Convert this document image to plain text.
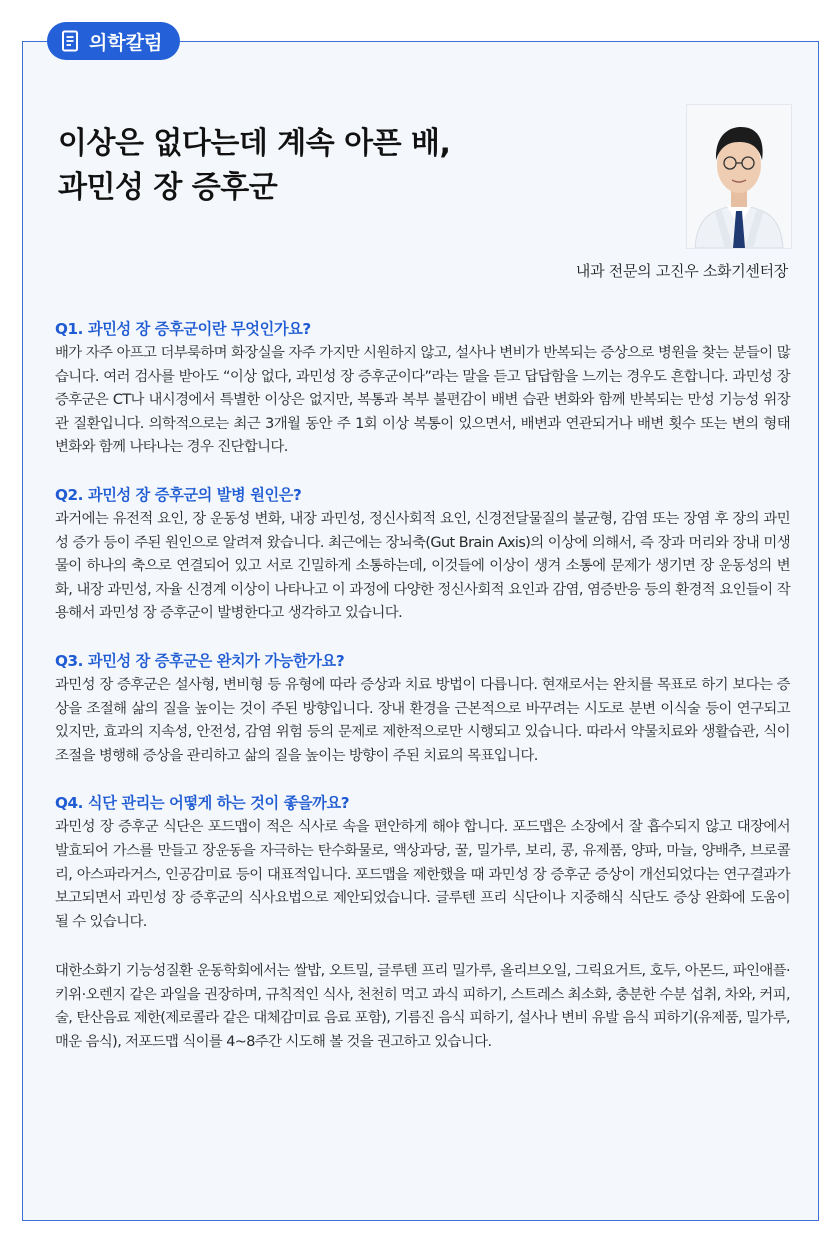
의학칼럼
이상은 없다는데 계속 아픈 배,
과민성 장 증후군
내과 전문의 고진우 소화기센터장
Q1. 과민성 장 증후군이란 무엇인가요?

배가 자주 아프고 더부룩하며 화장실을 자주 가지만 시원하지 않고, 설사나 변비가 반복되는 증상으로 병원을 찾는 분들이 많습니다. 여러 검사를 받아도 “이상 없다, 과민성 장 증후군이다”라는 말을 듣고 답답함을 느끼는 경우도 흔합니다. 과민성 장 증후군은 CT나 내시경에서 특별한 이상은 없지만, 복통과 복부 불편감이 배변 습관 변화와 함께 반복되는 만성 기능성 위장관 질환입니다. 의학적으로는 최근 3개월 동안 주 1회 이상 복통이 있으면서, 배변과 연관되거나 배변 횟수 또는 변의 형태 변화와 함께 나타나는 경우 진단합니다.

Q2. 과민성 장 증후군의 발병 원인은?

과거에는 유전적 요인, 장 운동성 변화, 내장 과민성, 정신사회적 요인, 신경전달물질의 불균형, 감염 또는 장염 후 장의 과민성 증가 등이 주된 원인으로 알려져 왔습니다. 최근에는 장뇌축(Gut Brain Axis)의 이상에 의해서, 즉 장과 머리와 장내 미생물이 하나의 축으로 연결되어 있고 서로 긴밀하게 소통하는데, 이것들에 이상이 생겨 소통에 문제가 생기면 장 운동성의 변화, 내장 과민성, 자율 신경계 이상이 나타나고 이 과정에 다양한 정신사회적 요인과 감염, 염증반응 등의 환경적 요인들이 작용해서 과민성 장 증후군이 발병한다고 생각하고 있습니다.

Q3. 과민성 장 증후군은 완치가 가능한가요?

과민성 장 증후군은 설사형, 변비형 등 유형에 따라 증상과 치료 방법이 다릅니다. 현재로서는 완치를 목표로 하기 보다는 증상을 조절해 삶의 질을 높이는 것이 주된 방향입니다. 장내 환경을 근본적으로 바꾸려는 시도로 분변 이식술 등이 연구되고 있지만, 효과의 지속성, 안전성, 감염 위험 등의 문제로 제한적으로만 시행되고 있습니다. 따라서 약물치료와 생활습관, 식이조절을 병행해 증상을 관리하고 삶의 질을 높이는 방향이 주된 치료의 목표입니다.

Q4. 식단 관리는 어떻게 하는 것이 좋을까요?

과민성 장 증후군 식단은 포드맵이 적은 식사로 속을 편안하게 해야 합니다. 포드맵은 소장에서 잘 흡수되지 않고 대장에서 발효되어 가스를 만들고 장운동을 자극하는 탄수화물로, 액상과당, 꿀, 밀가루, 보리, 콩, 유제품, 양파, 마늘, 양배추, 브로콜리, 아스파라거스, 인공감미료 등이 대표적입니다. 포드맵을 제한했을 때 과민성 장 증후군 증상이 개선되었다는 연구결과가 보고되면서 과민성 장 증후군의 식사요법으로 제안되었습니다. 글루텐 프리 식단이나 지중해식 식단도 증상 완화에 도움이 될 수 있습니다.

대한소화기 기능성질환 운동학회에서는 쌀밥, 오트밀, 글루텐 프리 밀가루, 올리브오일, 그릭요거트, 호두, 아몬드, 파인애플·키위·오렌지 같은 과일을 권장하며, 규칙적인 식사, 천천히 먹고 과식 피하기, 스트레스 최소화, 충분한 수분 섭취, 차와, 커피, 술, 탄산음료 제한(제로콜라 같은 대체감미료 음료 포함), 기름진 음식 피하기, 설사나 변비 유발 음식 피하기(유제품, 밀가루, 매운 음식), 저포드맵 식이를 4~8주간 시도해 볼 것을 권고하고 있습니다.
